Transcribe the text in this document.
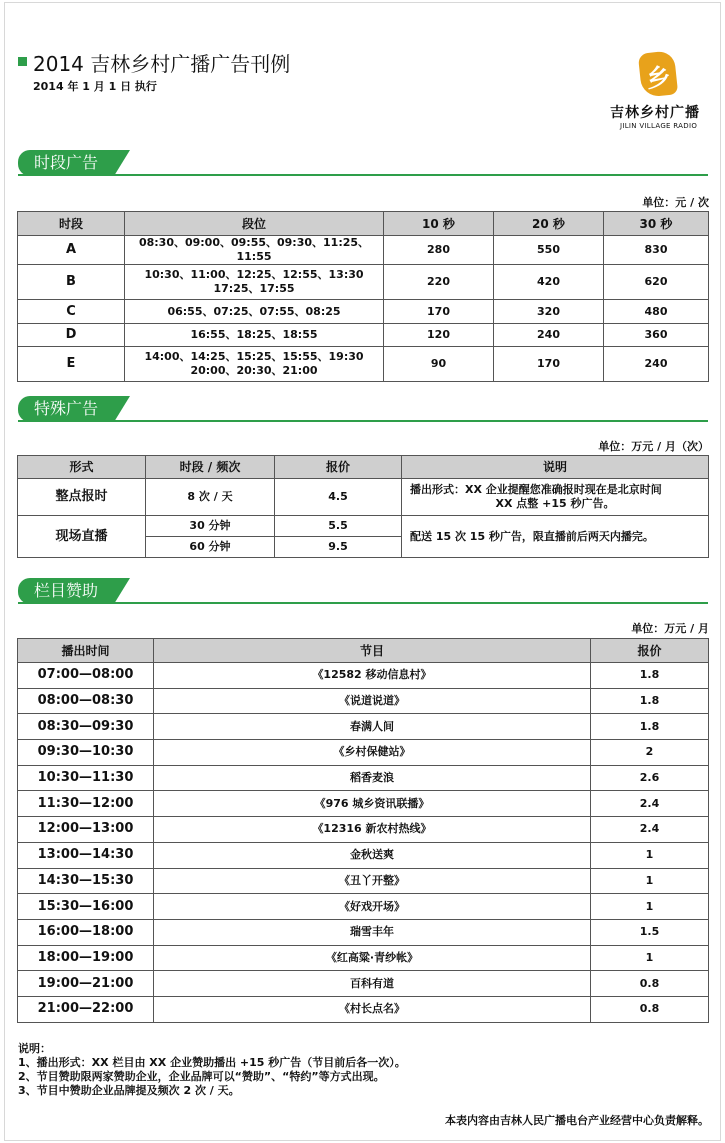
2014 吉林乡村广播广告刊例
2014 年 1 月 1 日 执行	乡
吉林乡村广播
JILIN VILLAGE RADIO
时段广告
单位：元 / 次
时段	段位	10 秒	20 秒	30 秒
A	08:30、09:00、09:55、09:30、11:25、11:55	280	550	830
B	10:30、11:00、12:25、12:55、13:30
17:25、17:55	220	420	620
C	06:55、07:25、07:55、08:25	170	320	480
D	16:55、18:25、18:55	120	240	360
E	14:00、14:25、15:25、15:55、19:30
20:00、20:30、21:00	90	170	240
特殊广告
单位：万元 / 月（次）
形式	时段 / 频次	报价	说明
整点报时	8 次 / 天	4.5	播出形式：XX 企业提醒您准确报时现在是北京时间
XX 点整 +15 秒广告。

现场直播	30 分钟	5.5	配送 15 次 15 秒广告，限直播前后两天内播完。
	60 分钟	9.5	
栏目赞助
单位：万元 / 月
播出时间	节目	报价
07:00—08:00	《12582 移动信息村》	1.8
08:00—08:30	《说道说道》	1.8
08:30—09:30	春满人间	1.8
09:30—10:30	《乡村保健站》	2
10:30—11:30	稻香麦浪	2.6
11:30—12:00	《976 城乡资讯联播》	2.4
12:00—13:00	《12316 新农村热线》	2.4
13:00—14:30	金秋送爽	1
14:30—15:30	《丑丫开整》	1
15:30—16:00	《好戏开场》	1
16:00—18:00	瑞雪丰年	1.5
18:00—19:00	《红高粱·青纱帐》	1
19:00—21:00	百科有道	0.8
21:00—22:00	《村长点名》	0.8
说明：
1、播出形式：XX 栏目由 XX 企业赞助播出 +15 秒广告（节目前后各一次）。
2、节目赞助限两家赞助企业，企业品牌可以“赞助”、“特约”等方式出现。
3、节目中赞助企业品牌提及频次 2 次 / 天。
本表内容由吉林人民广播电台产业经营中心负责解释。
